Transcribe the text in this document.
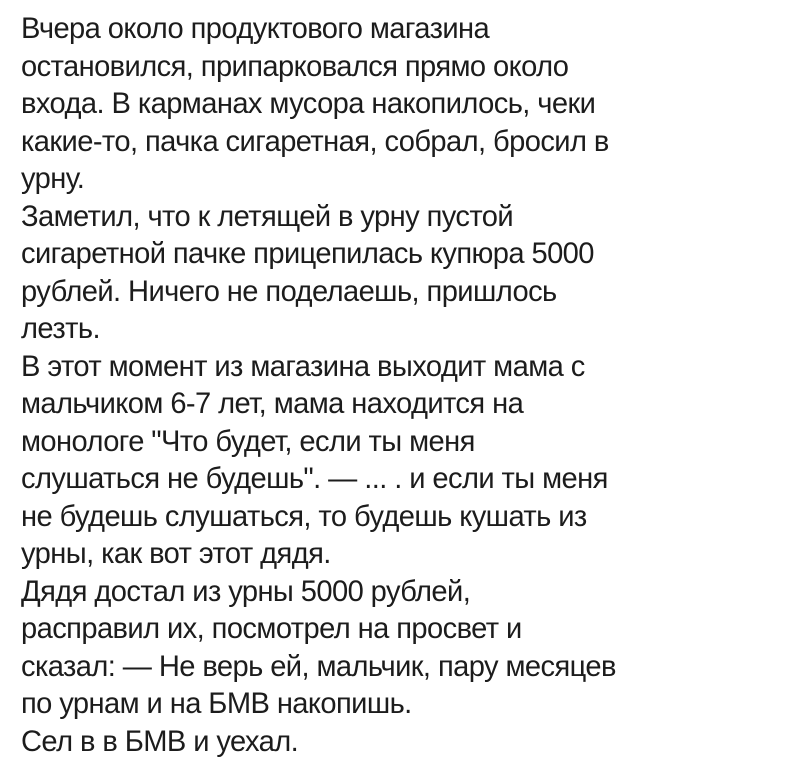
Вчера около продуктового магазина
остановился, припарковался прямо около
входа. В карманах мусора накопилось, чеки
какие-то, пачка сигаретная, собрал, бросил в
урну.
Заметил, что к летящей в урну пустой
сигаретной пачке прицепилась купюра 5000
рублей. Ничего не поделаешь, пришлось
лезть.
В этот момент из магазина выходит мама с
мальчиком 6-7 лет, мама находится на
монологе "Что будет, если ты меня
слушаться не будешь". — ... . и если ты меня
не будешь слушаться, то будешь кушать из
урны, как вот этот дядя.
Дядя достал из урны 5000 рублей,
расправил их, посмотрел на просвет и
сказал: — Не верь ей, мальчик, пару месяцев
по урнам и на БМВ накопишь.
Сел в в БМВ и уехал.
